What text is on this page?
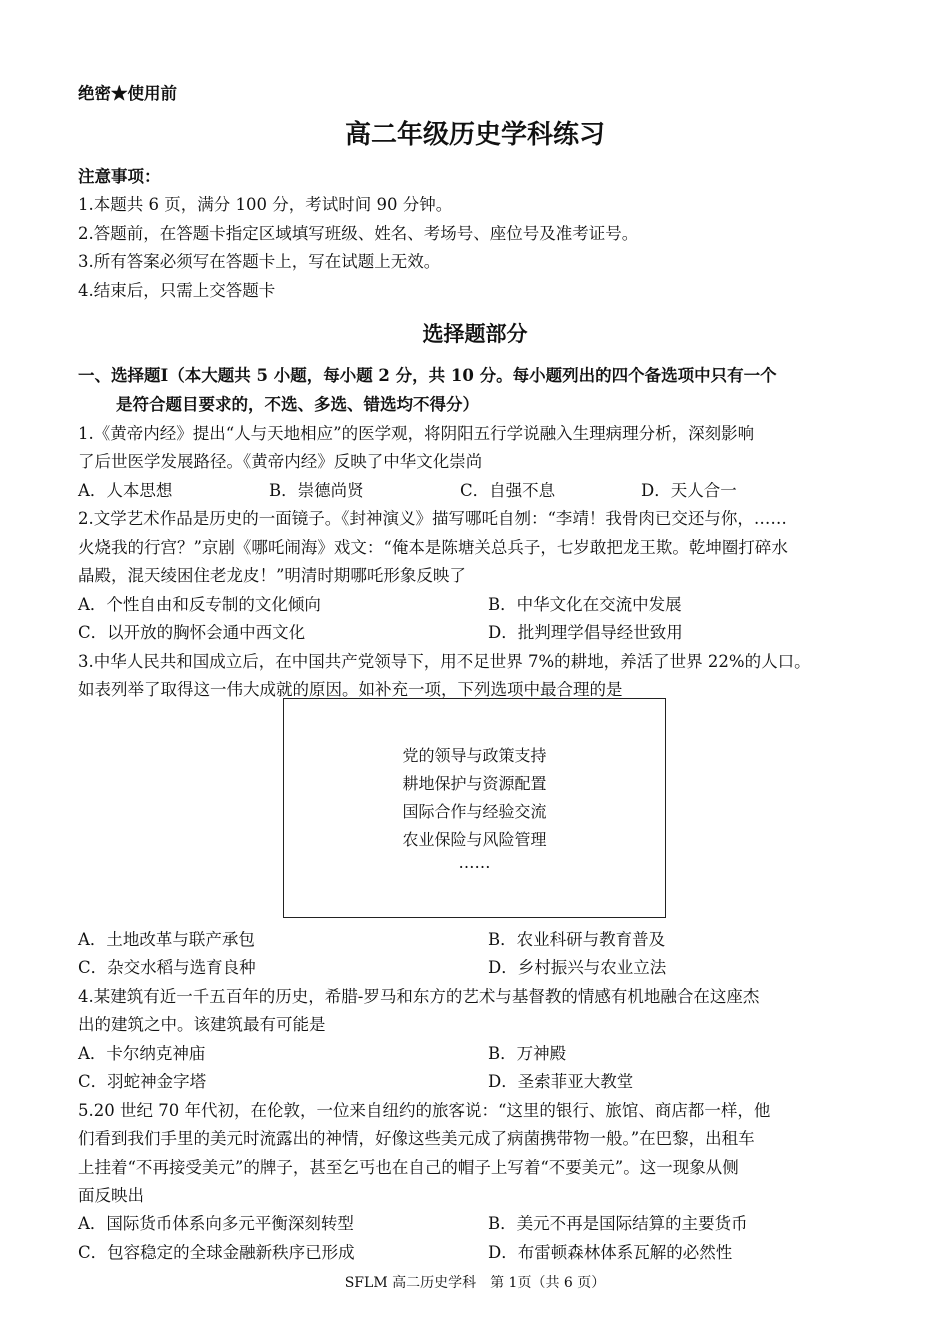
绝密★使用前
高二年级历史学科练习
注意事项：
1.本题共 6 页，满分 100 分，考试时间 90 分钟。
2.答题前，在答题卡指定区域填写班级、姓名、考场号、座位号及准考证号。
3.所有答案必须写在答题卡上，写在试题上无效。
4.结束后，只需上交答题卡
选择题部分
一、选择题Ⅰ（本大题共 5 小题，每小题 2 分，共 10 分。每小题列出的四个备选项中只有一个
是符合题目要求的，不选、多选、错选均不得分）
1.《黄帝内经》提出“人与天地相应”的医学观，将阴阳五行学说融入生理病理分析，深刻影响
了后世医学发展路径。《黄帝内经》反映了中华文化崇尚
A．人本思想	B．崇德尚贤	C．自强不息	D．天人合一
2.文学艺术作品是历史的一面镜子。《封神演义》描写哪吒自刎：“李靖！我骨肉已交还与你，……
火烧我的行宫？”京剧《哪吒闹海》戏文：“俺本是陈塘关总兵子，七岁敢把龙王欺。乾坤圈打碎水
晶殿，混天绫困住老龙皮！”明清时期哪吒形象反映了
A．个性自由和反专制的文化倾向	B．中华文化在交流中发展
C．以开放的胸怀会通中西文化	D．批判理学倡导经世致用
3.中华人民共和国成立后，在中国共产党领导下，用不足世界 7%的耕地，养活了世界 22%的人口。
如表列举了取得这一伟大成就的原因。如补充一项，下列选项中最合理的是
党的领导与政策支持
耕地保护与资源配置
国际合作与经验交流
农业保险与风险管理
……
A．土地改革与联产承包	B．农业科研与教育普及
C．杂交水稻与选育良种	D．乡村振兴与农业立法
4.某建筑有近一千五百年的历史，希腊-罗马和东方的艺术与基督教的情感有机地融合在这座杰
出的建筑之中。该建筑最有可能是
A．卡尔纳克神庙	B．万神殿
C．羽蛇神金字塔	D．圣索菲亚大教堂
5.20 世纪 70 年代初，在伦敦，一位来自纽约的旅客说：“这里的银行、旅馆、商店都一样，他
们看到我们手里的美元时流露出的神情，好像这些美元成了病菌携带物一般。”在巴黎，出租车
上挂着“不再接受美元”的牌子，甚至乞丐也在自己的帽子上写着“不要美元”。这一现象从侧
面反映出
A．国际货币体系向多元平衡深刻转型	B．美元不再是国际结算的主要货币
C．包容稳定的全球金融新秩序已形成	D．布雷顿森林体系瓦解的必然性
SFLM 高二历史学科　第 1页（共 6 页）
